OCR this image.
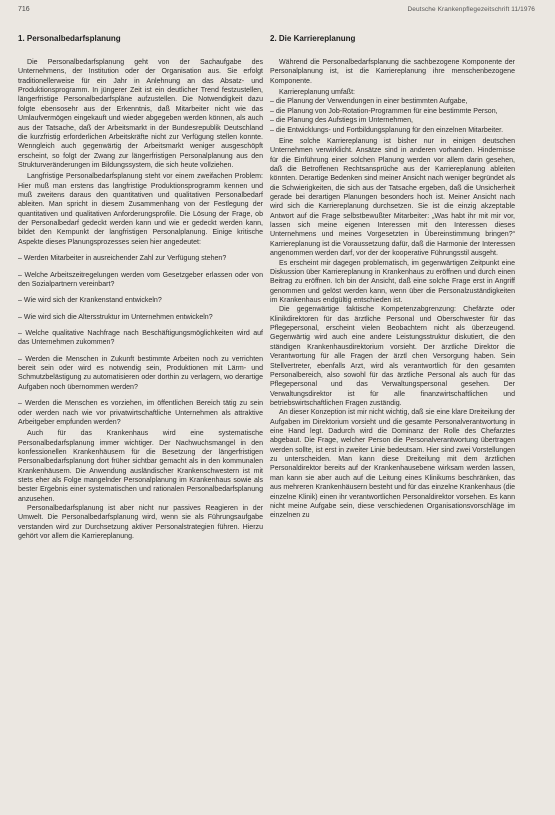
716	Deutsche Krankenpflegezeitschrift 11/1976
1. Personalbedarfsplanung

Die Personalbedarfsplanung geht von der Sachaufgabe des Unternehmens, der Institution oder der Organisation aus. Sie erfolgt traditionellerweise für ein Jahr in Anlehnung an das Absatz- und Produktionsprogramm. In jüngerer Zeit ist ein deutlicher Trend festzustellen, längerfristige Personalbedarfspläne aufzustellen. Die Notwendigkeit dazu folgte ebensosehr aus der Erkenntnis, daß Mitarbeiter nicht wie das Umlaufvermögen eingekauft und wieder abgegeben werden können, als auch aus der Tatsache, daß der Arbeitsmarkt in der Bundesrepublik Deutschland die kurzfristig erforderlichen Arbeitskräfte nicht zur Verfügung stellen konnte. Wenngleich auch gegenwärtig der Arbeitsmarkt weniger ausgeschöpft erscheint, so folgt der Zwang zur längerfristigen Personalplanung aus den Strukturveränderungen im Bildungssystem, die sich heute vollziehen.

Langfristige Personalbedarfsplanung steht vor einem zweifachen Problem: Hier muß man erstens das langfristige Produktionsprogramm kennen und muß zweitens daraus den quantitativen und qualitativen Personalbedarf ableiten. Man spricht in diesem Zusammenhang von der Festlegung der quantitativen und qualitativen Anforderungsprofile. Die Lösung der Frage, ob der Personalbedarf gedeckt werden kann und wie er gedeckt werden kann, bildet den Kernpunkt der langfristigen Personalplanung. Einige kritische Aspekte dieses Planungsprozesses seien hier angedeutet:

– Werden Mitarbeiter in ausreichender Zahl zur Verfügung stehen?

– Welche Arbeitszeitregelungen werden vom Gesetzgeber erlassen oder von den Sozialpartnern vereinbart?

– Wie wird sich der Krankenstand entwickeln?

– Wie wird sich die Altersstruktur im Unternehmen entwickeln?

– Welche qualitative Nachfrage nach Beschäftigungsmöglichkeiten wird auf das Unternehmen zukommen?

– Werden die Menschen in Zukunft bestimmte Arbeiten noch zu verrichten bereit sein oder wird es notwendig sein, Produktionen mit Lärm- und Schmutzbelästigung zu automatisieren oder dorthin zu verlagern, wo derartige Aufgaben noch übernommen werden?

– Werden die Menschen es vorziehen, im öffentlichen Bereich tätig zu sein oder werden nach wie vor privatwirtschaftliche Unternehmen als attraktive Arbeitgeber empfunden werden?

Auch für das Krankenhaus wird eine systematische Personalbedarfsplanung immer wichtiger. Der Nachwuchsmangel in den konfessionellen Krankenhäusern für die Besetzung der längerfristigen Personalbedarfsplanung dort früher sichtbar gemacht als in den kommunalen Krankenhäusern. Die Anwendung ausländischer Krankenschwestern ist mit stets eher als Folge mangelnder Personalplanung im Krankenhaus sowie als bester Ergebnis einer systematischen und rationalen Personalbedarfsplanung anzusehen.

Personalbedarfsplanung ist aber nicht nur passives Reagieren in der Umwelt. Die Personalbedarfsplanung wird, wenn sie als Führungsaufgabe verstanden wird zur Durchsetzung aktiver Personalstrategien führen. Hierzu gehört vor allem die Karriereplanung.

2. Die Karriereplanung

Während die Personalbedarfsplanung die sachbezogene Komponente der Personalplanung ist, ist die Karriereplanung ihre menschenbezogene Komponente.

Karriereplanung umfaßt:

– die Planung der Verwendungen in einer bestimmten Aufgabe,

– die Planung von Job-Rotation-Programmen für eine bestimmte Person,

– die Planung des Aufstiegs im Unternehmen,

– die Entwicklungs- und Fortbildungsplanung für den einzelnen Mitarbeiter.

Eine solche Karriereplanung ist bisher nur in einigen deutschen Unternehmen verwirklicht. Ansätze sind in anderen vorhanden. Hindernisse für die Einführung einer solchen Planung werden vor allem darin gesehen, daß die Betroffenen Rechtsansprüche aus der Karriereplanung ableiten könnten. Derartige Bedenken sind meiner Ansicht nach weniger begründet als die Schwierigkeiten, die sich aus der Tatsache ergeben, daß die Unsicherheit gerade bei derartigen Planungen besonders hoch ist. Meiner Ansicht nach wird sich die Karriereplanung durchsetzen. Sie ist die einzig akzeptable Antwort auf die Frage selbstbewußter Mitarbeiter: „Was habt ihr mit mir vor, lassen sich meine eigenen Interessen mit den Interessen dieses Unternehmens und meines Vorgesetzten in Übereinstimmung bringen?“ Karriereplanung ist die Voraussetzung dafür, daß die Harmonie der Interessen angenommen werden darf, vor der der kooperative Führungsstil ausgeht.

Es erscheint mir dagegen problematisch, im gegenwärtigen Zeitpunkt eine Diskussion über Karriereplanung in Krankenhaus zu eröffnen und durch einen Beitrag zu eröffnen. Ich bin der Ansicht, daß eine solche Frage erst in Angriff genommen und gelöst werden kann, wenn über die Personalzuständigkeiten im Krankenhaus endgültig entschieden ist.

Die gegenwärtige faktische Kompetenzabgrenzung: Chefärzte oder Klinikdirektoren für das ärztliche Personal und Oberschwester für das Pflegepersonal, erscheint vielen Beobachtern nicht als überzeugend. Gegenwärtig wird auch eine andere Leistungsstruktur diskutiert, die den ständigen Krankenhausdirektorium vorsieht. Der ärztliche Direktor die Verantwortung für alle Fragen der ärztl chen Versorgung haben. Sein Stellvertreter, ebenfalls Arzt, wird als verantwortlich für den gesamten Personalbereich, also sowohl für das ärztliche Personal als auch für das Pflegepersonal und das Verwaltungspersonal gesehen. Der Verwaltungsdirektor ist für alle finanzwirtschaftlichen und betriebswirtschaftlichen Fragen zuständig.

An dieser Konzeption ist mir nicht wichtig, daß sie eine klare Dreiteilung der Aufgaben im Direktorium vorsieht und die gesamte Personalverantwortung in eine Hand legt. Dadurch wird die Dominanz der Rolle des Chefarztes abgebaut. Die Frage, welcher Person die Personalverantwortung übertragen werden sollte, ist erst in zweiter Linie bedeutsam. Hier sind zwei Vorstellungen zu unterscheiden. Man kann diese Dreiteilung mit dem ärztlichen Personaldirektor bereits auf der Krankenhausebene wirksam werden lassen, man kann sie aber auch auf die Leitung eines Klinikums beschränken, das aus mehreren Krankenhäusern besteht und für das einzelne Krankenhaus (die einzelne Klinik) einen ihr verantwortlichen Personaldirektor vorsehen. Es kann nicht meine Aufgabe sein, diese verschiedenen Organisationsvorschläge im einzelnen zu
